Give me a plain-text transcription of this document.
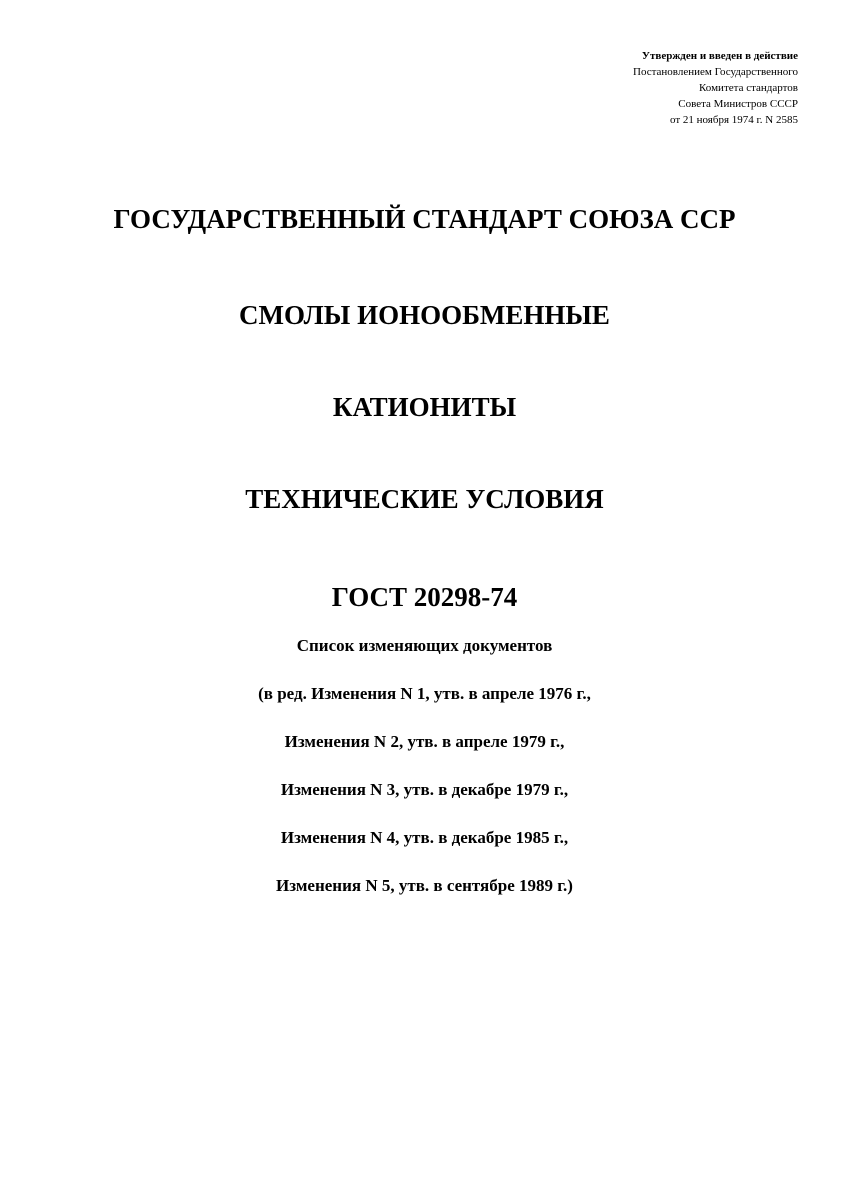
Утвержден и введен в действие
Постановлением Государственного
Комитета стандартов
Совета Министров СССР
от 21 ноября 1974 г. N 2585
ГОСУДАРСТВЕННЫЙ СТАНДАРТ СОЮЗА ССР
СМОЛЫ ИОНООБМЕННЫЕ
КАТИОНИТЫ
ТЕХНИЧЕСКИЕ УСЛОВИЯ
ГОСТ 20298-74
Список изменяющих документов
(в ред. Изменения N 1, утв. в апреле 1976 г.,
Изменения N 2, утв. в апреле 1979 г.,
Изменения N 3, утв. в декабре 1979 г.,
Изменения N 4, утв. в декабре 1985 г.,
Изменения N 5, утв. в сентябре 1989 г.)
